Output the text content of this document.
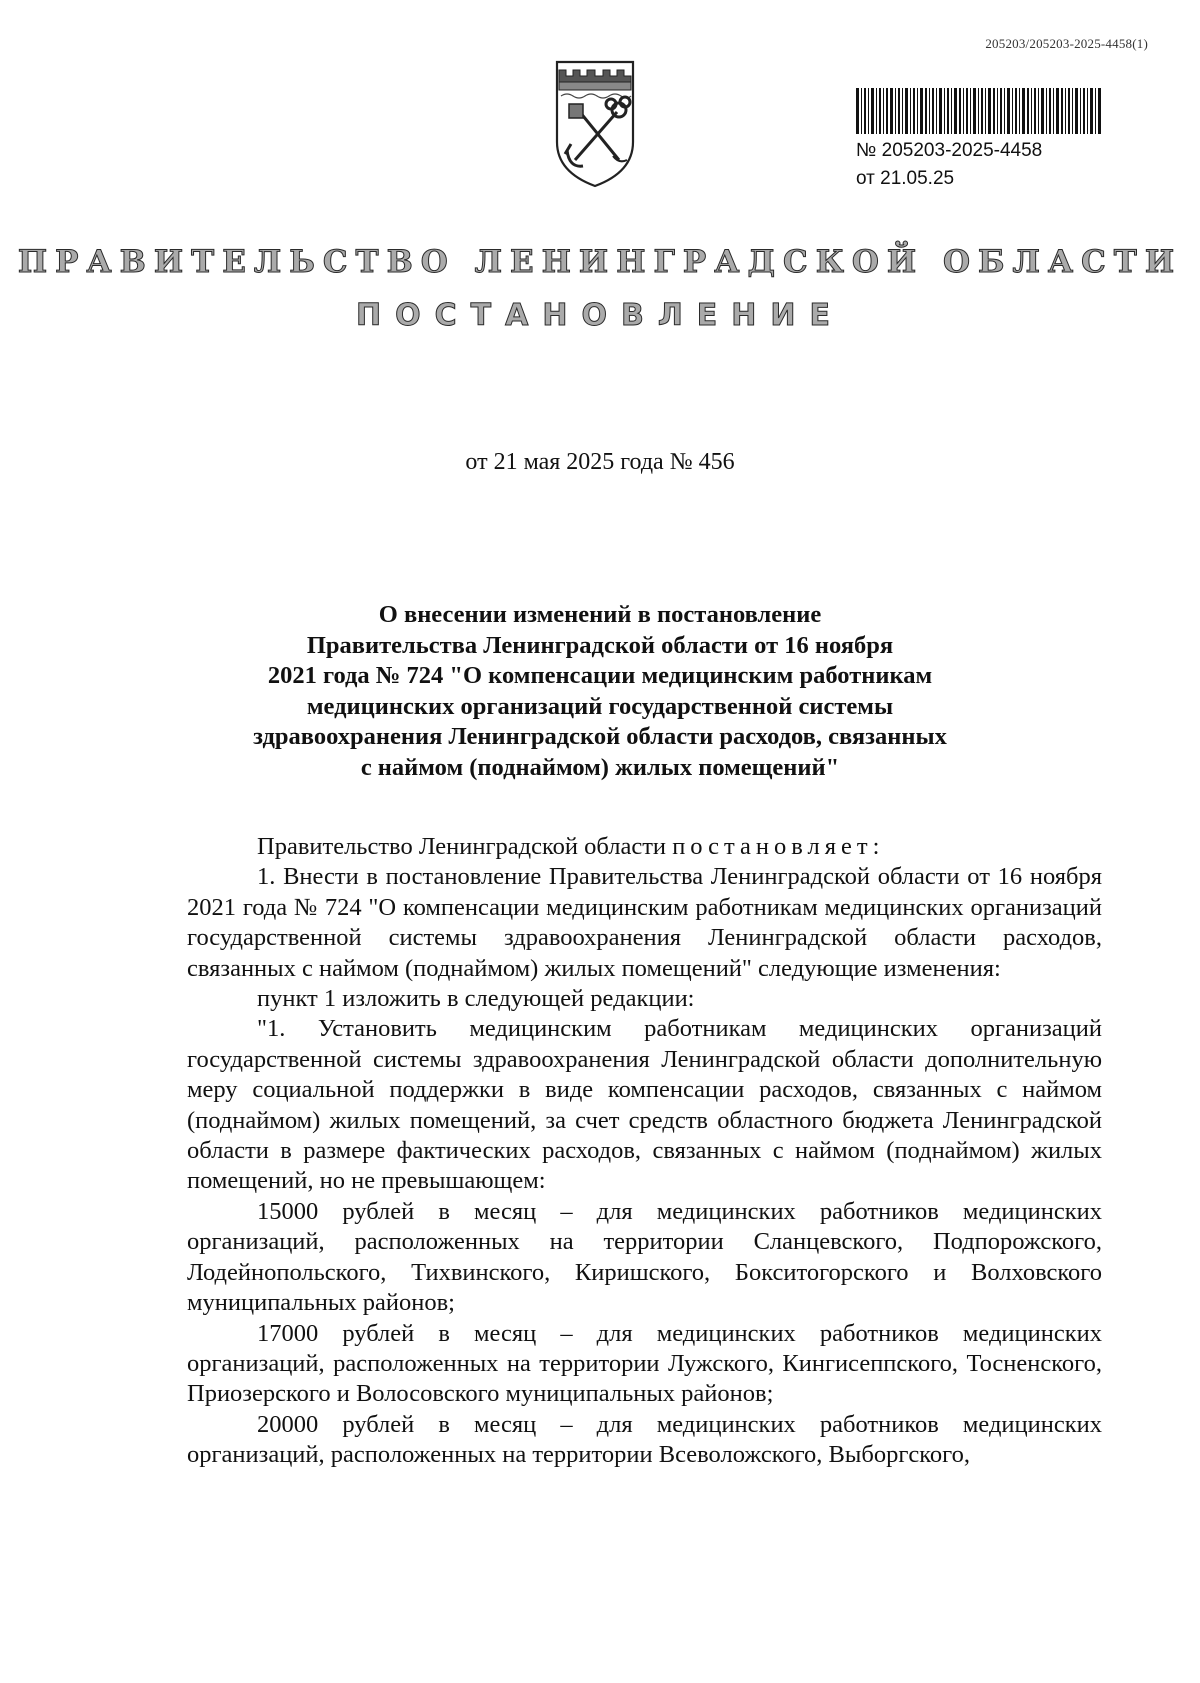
205203/205203-2025-4458(1)
№ 205203-2025-4458
от 21.05.25
ПРАВИТЕЛЬСТВО ЛЕНИНГРАДСКОЙ ОБЛАСТИ
ПОСТАНОВЛЕНИЕ
от 21 мая 2025 года № 456
О внесении изменений в постановление
Правительства Ленинградской области от 16 ноября
2021 года № 724 "О компенсации медицинским работникам
медицинских организаций государственной системы
здравоохранения Ленинградской области расходов, связанных
с наймом (поднаймом) жилых помещений"

Правительство Ленинградской области постановляет:

1. Внести в постановление Правительства Ленинградской области от 16 ноября 2021 года № 724 "О компенсации медицинским работникам медицинских организаций государственной системы здравоохранения Ленинградской области расходов, связанных с наймом (поднаймом) жилых помещений" следующие изменения:

пункт 1 изложить в следующей редакции:

"1. Установить медицинским работникам медицинских организаций государственной системы здравоохранения Ленинградской области дополнительную меру социальной поддержки в виде компенсации расходов, связанных с наймом (поднаймом) жилых помещений, за счет средств областного бюджета Ленинградской области в размере фактических расходов, связанных с наймом (поднаймом) жилых помещений, но не превышающем:

15000 рублей в месяц – для медицинских работников медицинских организаций, расположенных на территории Сланцевского, Подпорожского, Лодейнопольского, Тихвинского, Киришского, Бокситогорского и Волховского муниципальных районов;

17000 рублей в месяц – для медицинских работников медицинских организаций, расположенных на территории Лужского, Кингисеппского, Тосненского, Приозерского и Волосовского муниципальных районов;

20000 рублей в месяц – для медицинских работников медицинских организаций, расположенных на территории Всеволожского, Выборгского,
